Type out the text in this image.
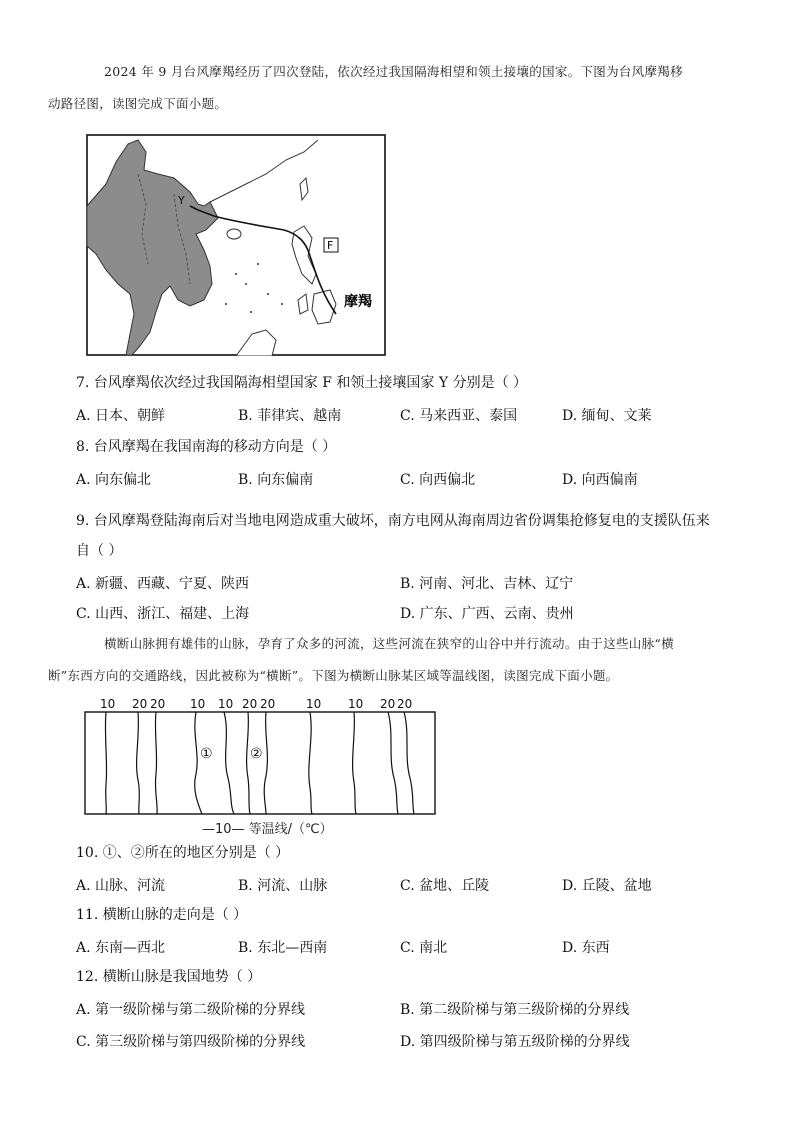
2024 年 9 月台风摩羯经历了四次登陆，依次经过我国隔海相望和领土接壤的国家。下图为台风摩羯移
动路径图，读图完成下面小题。
F
Y
摩羯
7. 台风摩羯依次经过我国隔海相望国家 F 和领土接壤国家 Y 分别是（ ）
A. 日本、朝鲜	B. 菲律宾、越南	C. 马来西亚、泰国	D. 缅甸、文莱
8. 台风摩羯在我国南海的移动方向是（ ）
A. 向东偏北	B. 向东偏南	C. 向西偏北	D. 向西偏南
9. 台风摩羯登陆海南后对当地电网造成重大破坏，南方电网从海南周边省份调集抢修复电的支援队伍来
自（ ）
A. 新疆、西藏、宁夏、陕西	B. 河南、河北、吉林、辽宁
C. 山西、浙江、福建、上海	D. 广东、广西、云南、贵州
横断山脉拥有雄伟的山脉，孕育了众多的河流，这些河流在狭窄的山谷中并行流动。由于这些山脉“横
断”东西方向的交通路线，因此被称为“横断”。下图为横断山脉某区域等温线图，读图完成下面小题。
10 20 20 10 10 20 20	10 10 20 20
①	②
—10— 等温线/（℃）
10. ①、②所在的地区分别是（ ）
A. 山脉、河流	B. 河流、山脉	C. 盆地、丘陵	D. 丘陵、盆地
11. 横断山脉的走向是（ ）
A. 东南—西北	B. 东北—西南	C. 南北	D. 东西
12. 横断山脉是我国地势（ ）
A. 第一级阶梯与第二级阶梯的分界线	B. 第二级阶梯与第三级阶梯的分界线
C. 第三级阶梯与第四级阶梯的分界线	D. 第四级阶梯与第五级阶梯的分界线
